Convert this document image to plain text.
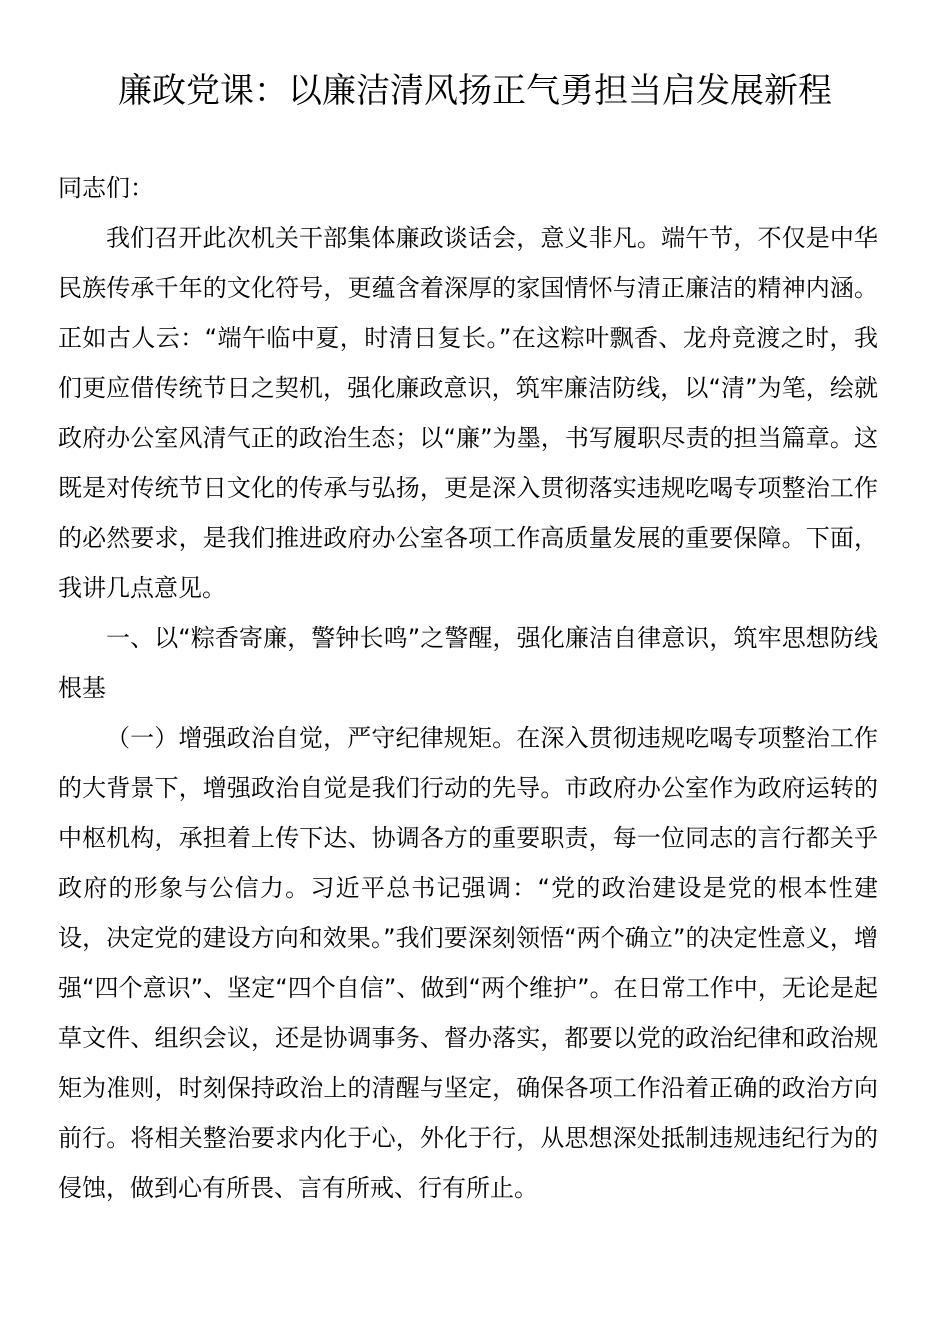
廉政党课：以廉洁清风扬正气勇担当启发展新程

同志们：

我们召开此次机关干部集体廉政谈话会，意义非凡。端午节，不仅是中华民族传承千年的文化符号，更蕴含着深厚的家国情怀与清正廉洁的精神内涵。正如古人云：“端午临中夏，时清日复长。”在这粽叶飘香、龙舟竞渡之时，我们更应借传统节日之契机，强化廉政意识，筑牢廉洁防线，以“清”为笔，绘就政府办公室风清气正的政治生态；以“廉”为墨，书写履职尽责的担当篇章。这既是对传统节日文化的传承与弘扬，更是深入贯彻落实违规吃喝专项整治工作的必然要求，是我们推进政府办公室各项工作高质量发展的重要保障。下面，我讲几点意见。

一、以“粽香寄廉，警钟长鸣”之警醒，强化廉洁自律意识，筑牢思想防线根基

（一）增强政治自觉，严守纪律规矩。在深入贯彻违规吃喝专项整治工作的大背景下，增强政治自觉是我们行动的先导。市政府办公室作为政府运转的中枢机构，承担着上传下达、协调各方的重要职责，每一位同志的言行都关乎政府的形象与公信力。习近平总书记强调：“党的政治建设是党的根本性建设，决定党的建设方向和效果。”我们要深刻领悟“两个确立”的决定性意义，增强“四个意识”、坚定“四个自信”、做到“两个维护”。在日常工作中，无论是起草文件、组织会议，还是协调事务、督办落实，都要以党的政治纪律和政治规矩为准则，时刻保持政治上的清醒与坚定，确保各项工作沿着正确的政治方向前行。将相关整治要求内化于心，外化于行，从思想深处抵制违规违纪行为的侵蚀，做到心有所畏、言有所戒、行有所止。
